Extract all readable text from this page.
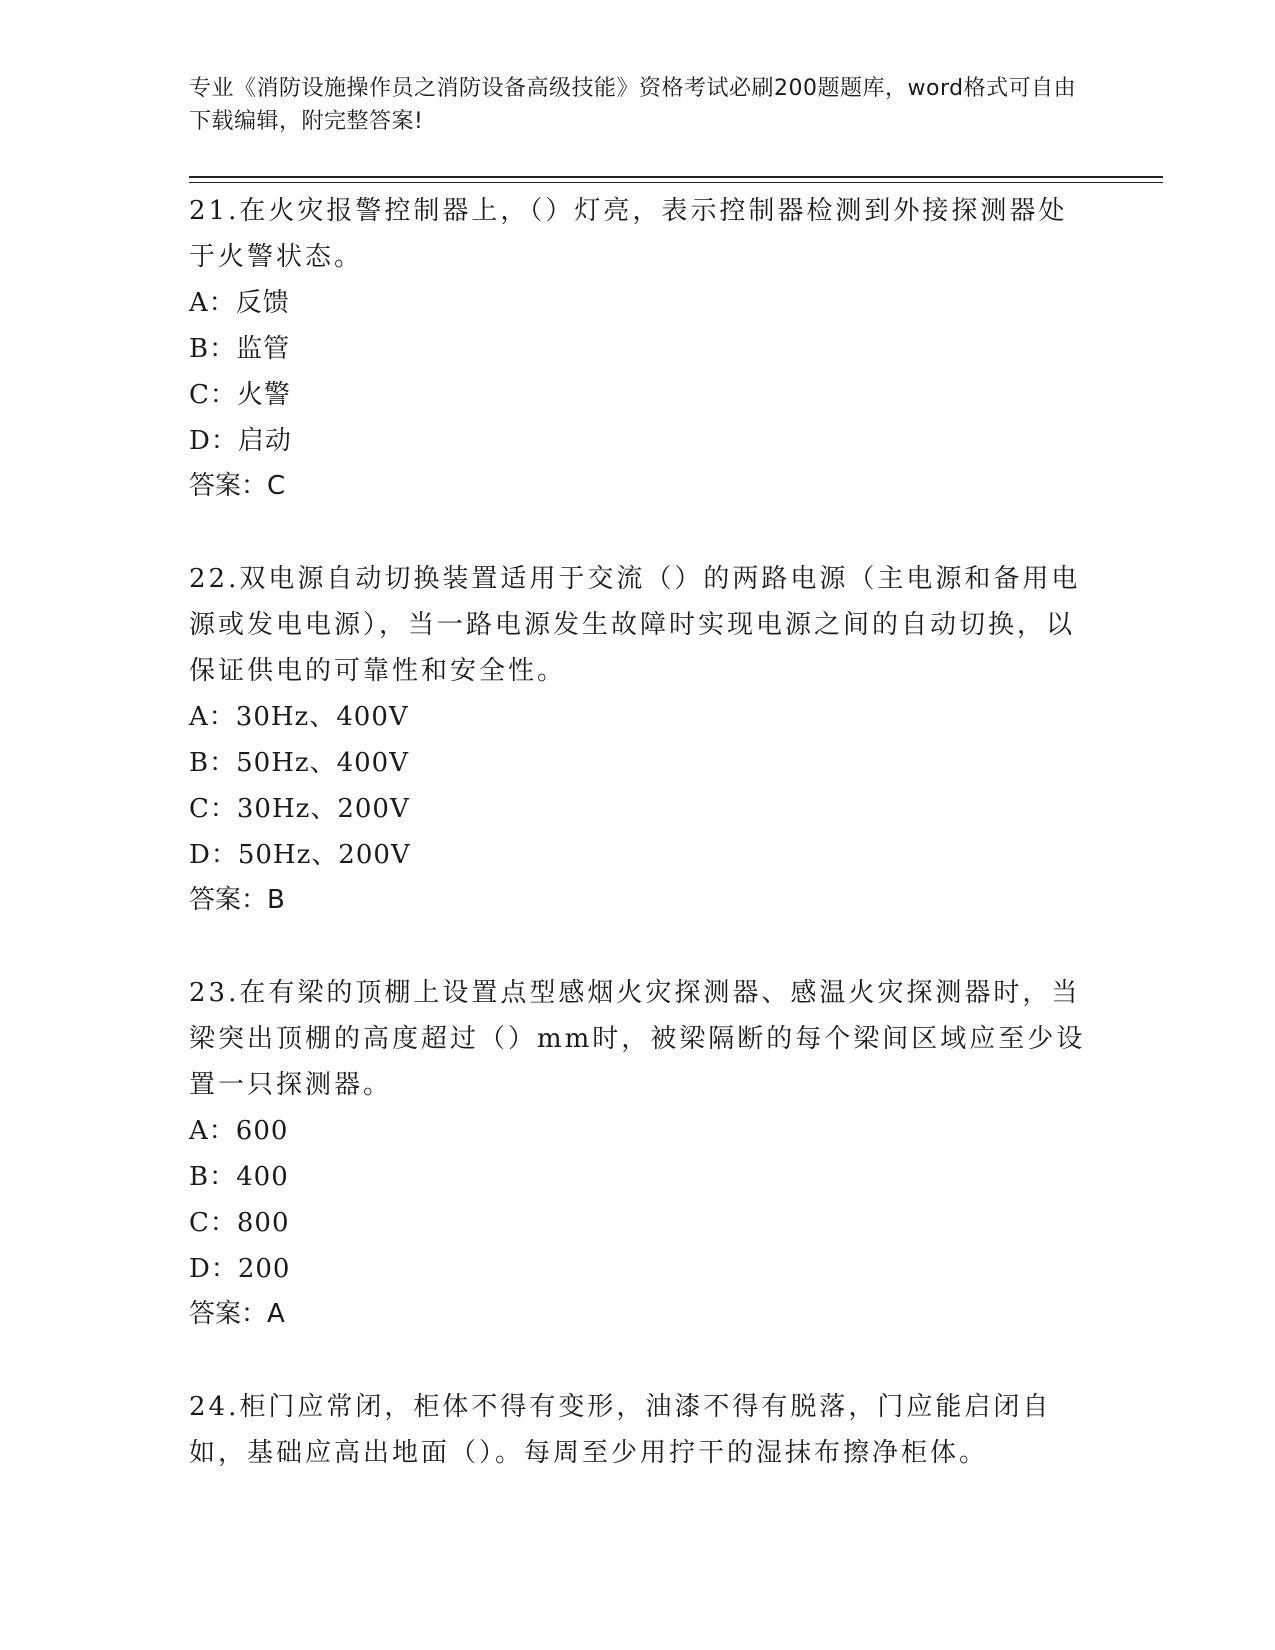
专业《消防设施操作员之消防设备高级技能》资格考试必刷200题题库，word格式可自由下载编辑，附完整答案!
21.在火灾报警控制器上，（）灯亮，表示控制器检测到外接探测器处于火警状态。
A：反馈
B：监管
C：火警
D：启动
答案：C
22.双电源自动切换装置适用于交流（）的两路电源（主电源和备用电源或发电电源），当一路电源发生故障时实现电源之间的自动切换，以保证供电的可靠性和安全性。
A：30Hz、400V
B：50Hz、400V
C：30Hz、200V
D：50Hz、200V
答案：B
23.在有梁的顶棚上设置点型感烟火灾探测器、感温火灾探测器时，当梁突出顶棚的高度超过（）mm时，被梁隔断的每个梁间区域应至少设置一只探测器。
A：600
B：400
C：800
D：200
答案：A
24.柜门应常闭，柜体不得有变形，油漆不得有脱落，门应能启闭自如，基础应高出地面（）。每周至少用拧干的湿抹布擦净柜体。
